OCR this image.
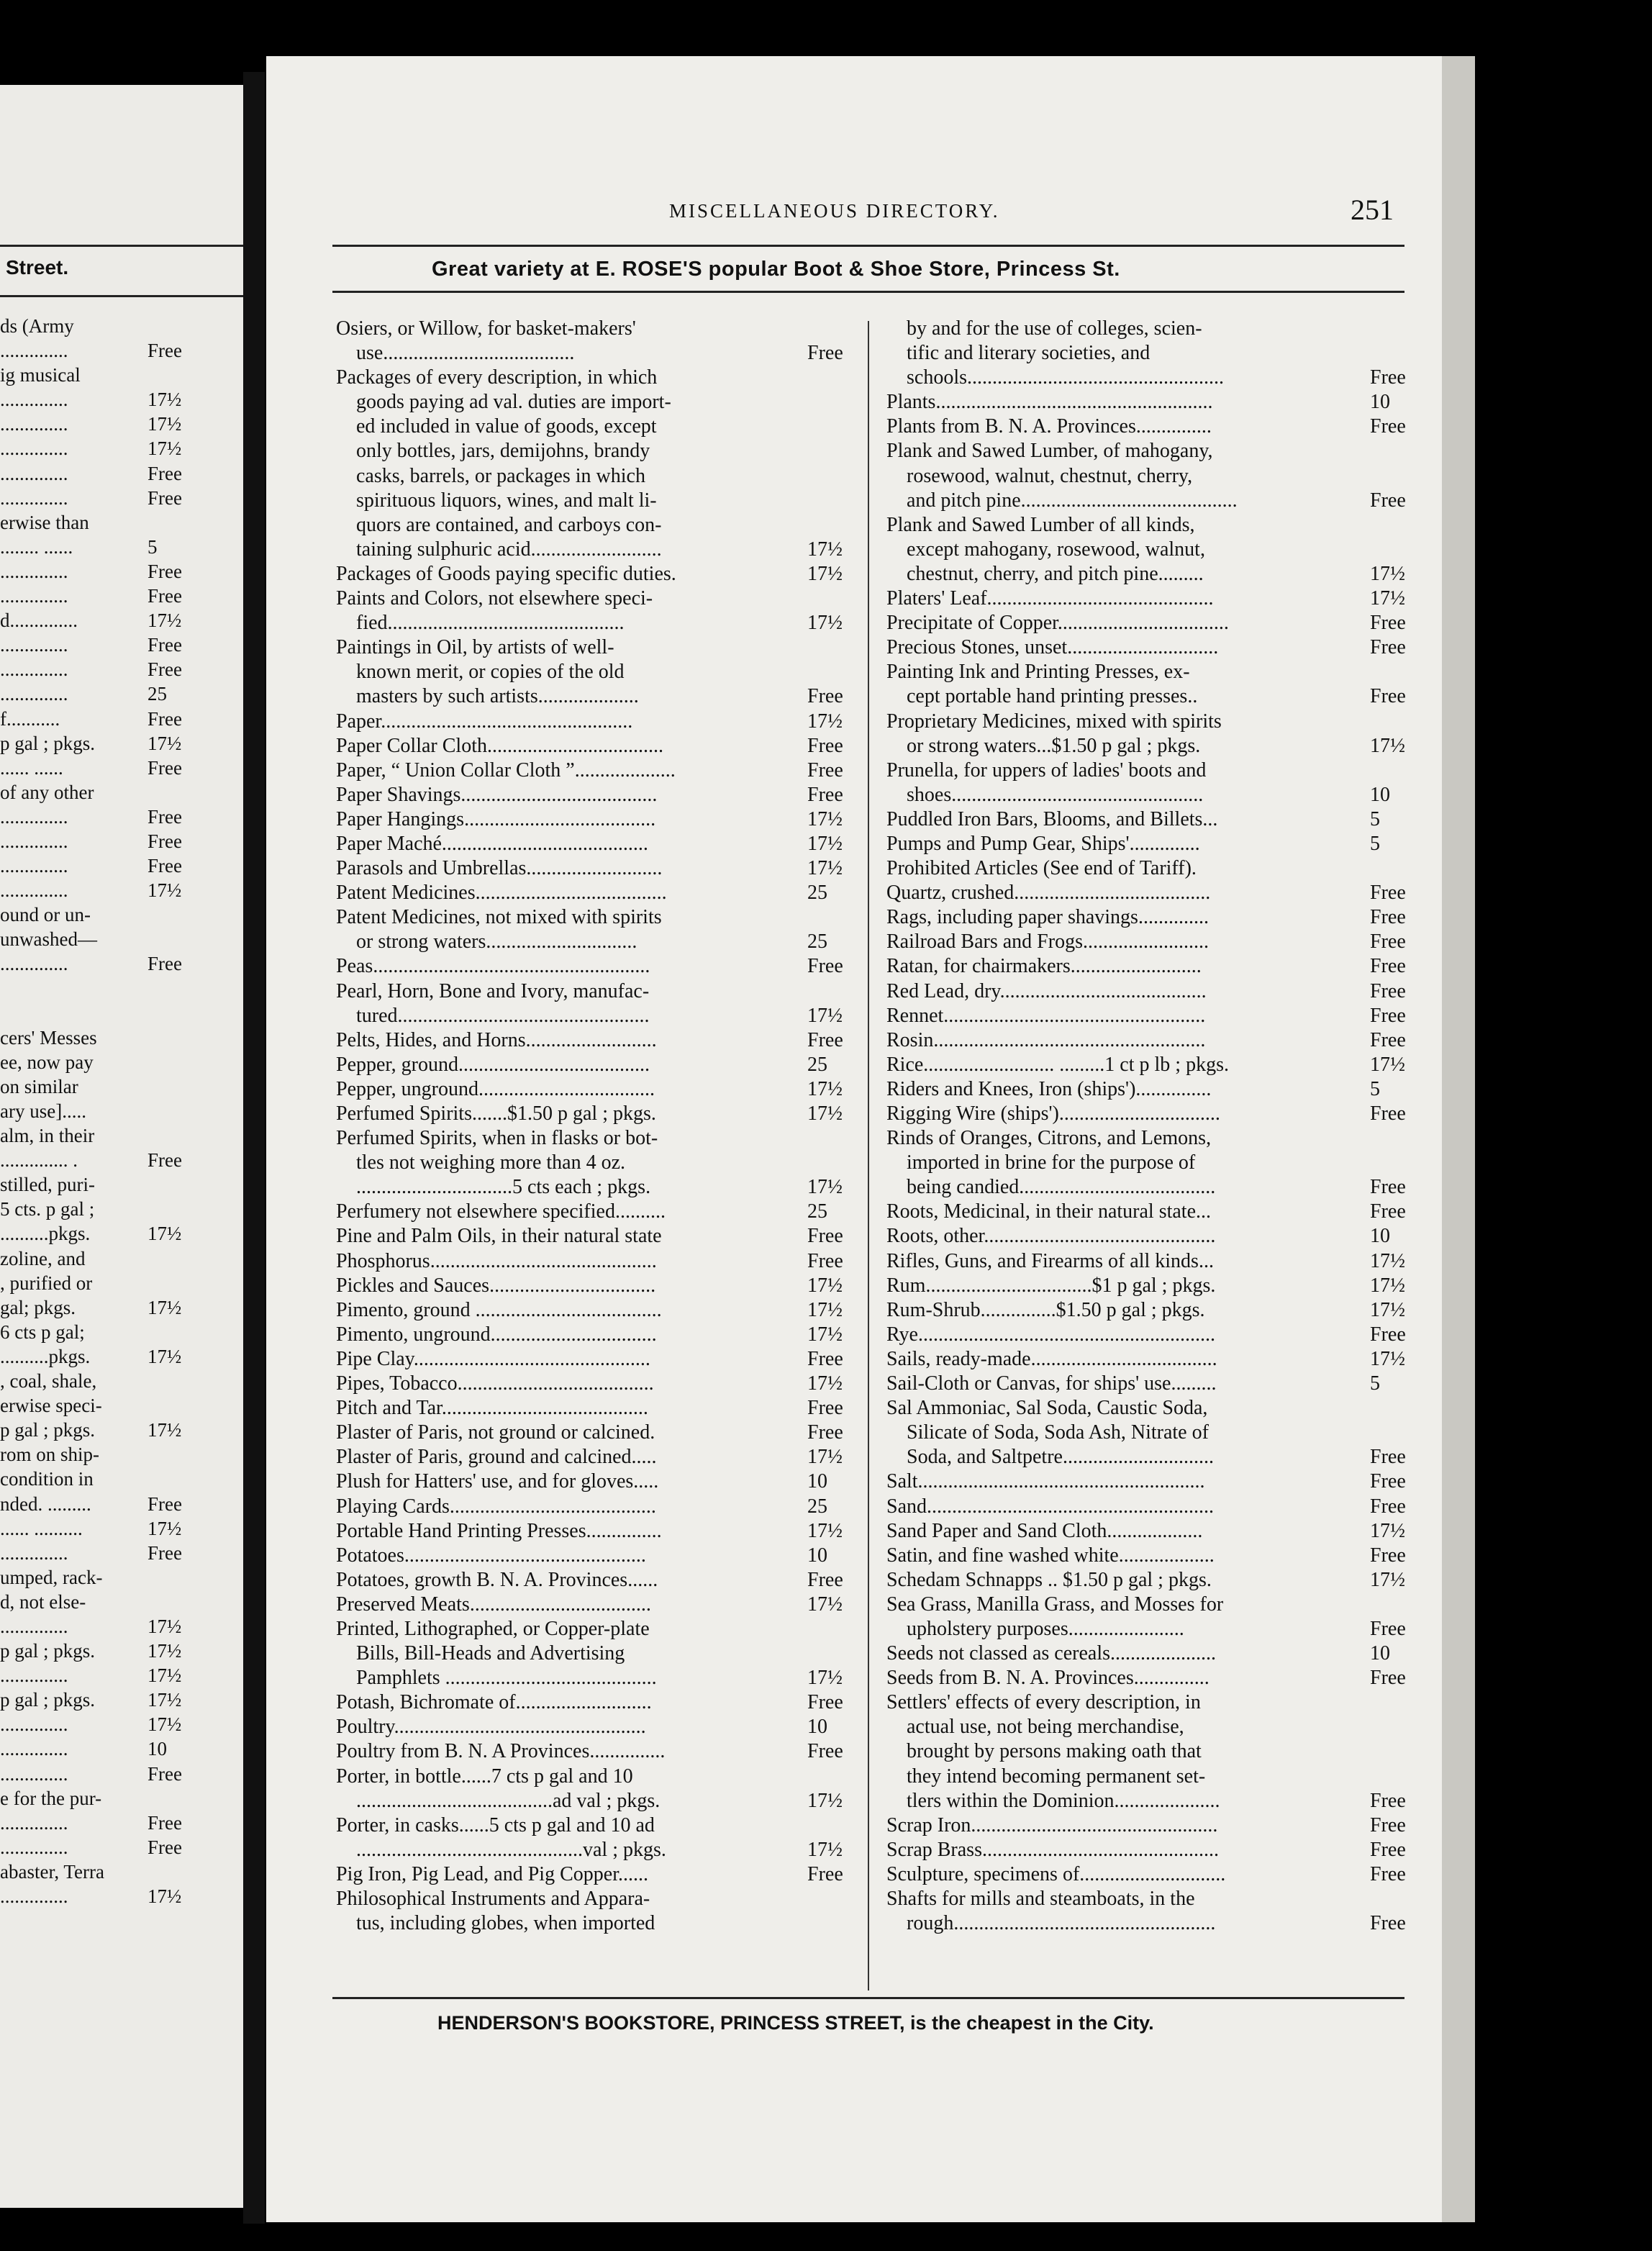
Street.
ds (Army
..............	Free
ig musical
..............	17½
..............	17½
..............	17½
..............	Free
..............	Free
erwise than
........ ......	5
..............	Free
..............	Free
d..............	17½
..............	Free
..............	Free
..............	25
f...........	Free
p gal ; pkgs.	17½
...... ......	Free
of any other
..............	Free
..............	Free
..............	Free
..............	17½
ound or un-
unwashed—
..............	Free
cers' Messes
ee, now pay
on similar
ary use].....
alm, in their
.............. .	Free
stilled, puri-
5 cts. p gal ;
..........pkgs.	17½
zoline, and
, purified or
gal; pkgs.	17½
6 cts p gal;
..........pkgs.	17½
, coal, shale,
erwise speci-
p gal ; pkgs.	17½
rom on ship-
condition in
nded. .........	Free
...... ..........	17½
..............	Free
umped, rack-
d, not else-
..............	17½
p gal ; pkgs.	17½
..............	17½
p gal ; pkgs.	17½
..............	17½
..............	10
..............	Free
e for the pur-
..............	Free
..............	Free
abaster, Terra
..............	17½
MISCELLANEOUS DIRECTORY.	251
Great variety at E. ROSE'S popular Boot & Shoe Store, Princess St.
Osiers, or Willow, for basket-makers'
use......................................	Free
Packages of every description, in which
goods paying ad val. duties are import-
ed included in value of goods, except
only bottles, jars, demijohns, brandy
casks, barrels, or packages in which
spirituous liquors, wines, and malt li-
quors are contained, and carboys con-
taining sulphuric acid..........................	17½
Packages of Goods paying specific duties.	17½
Paints and Colors, not elsewhere speci-
fied...............................................	17½
Paintings in Oil, by artists of well-
known merit, or copies of the old
masters by such artists....................	Free
Paper..................................................	17½
Paper Collar Cloth...................................	Free
Paper, “ Union Collar Cloth ”....................	Free
Paper Shavings.......................................	Free
Paper Hangings......................................	17½
Paper Maché.........................................	17½
Parasols and Umbrellas...........................	17½
Patent Medicines......................................	25
Patent Medicines, not mixed with spirits
or strong waters..............................	25
Peas.......................................................	Free
Pearl, Horn, Bone and Ivory, manufac-
tured..................................................	17½
Pelts, Hides, and Horns..........................	Free
Pepper, ground......................................	25
Pepper, unground...................................	17½
Perfumed Spirits.......$1.50 p gal ; pkgs.	17½
Perfumed Spirits, when in flasks or bot-
tles not weighing more than 4 oz.
...............................5 cts each ; pkgs.	17½
Perfumery not elsewhere specified..........	25
Pine and Palm Oils, in their natural state	Free
Phosphorus.............................................	Free
Pickles and Sauces.................................	17½
Pimento, ground .....................................	17½
Pimento, unground.................................	17½
Pipe Clay...............................................	Free
Pipes, Tobacco.......................................	17½
Pitch and Tar.........................................	Free
Plaster of Paris, not ground or calcined.	Free
Plaster of Paris, ground and calcined.....	17½
Plush for Hatters' use, and for gloves.....	10
Playing Cards.........................................	25
Portable Hand Printing Presses...............	17½
Potatoes................................................	10
Potatoes, growth B. N. A. Provinces......	Free
Preserved Meats....................................	17½
Printed, Lithographed, or Copper-plate
Bills, Bill-Heads and Advertising
Pamphlets ..........................................	17½
Potash, Bichromate of...........................	Free
Poultry..................................................	10
Poultry from B. N. A Provinces...............	Free
Porter, in bottle......7 cts p gal and 10
.......................................ad val ; pkgs.	17½
Porter, in casks......5 cts p gal and 10 ad
.............................................val ; pkgs.	17½
Pig Iron, Pig Lead, and Pig Copper......	Free
Philosophical Instruments and Appara-
tus, including globes, when imported
by and for the use of colleges, scien-
tific and literary societies, and
schools...................................................	Free
Plants.......................................................	10
Plants from B. N. A. Provinces...............	Free
Plank and Sawed Lumber, of mahogany,
rosewood, walnut, chestnut, cherry,
and pitch pine...........................................	Free
Plank and Sawed Lumber of all kinds,
except mahogany, rosewood, walnut,
chestnut, cherry, and pitch pine.........	17½
Platers' Leaf.............................................	17½
Precipitate of Copper..................................	Free
Precious Stones, unset..............................	Free
Painting Ink and Printing Presses, ex-
cept portable hand printing presses..	Free
Proprietary Medicines, mixed with spirits
or strong waters...$1.50 p gal ; pkgs.	17½
Prunella, for uppers of ladies' boots and
shoes..................................................	10
Puddled Iron Bars, Blooms, and Billets...	5
Pumps and Pump Gear, Ships'..............	5
Prohibited Articles (See end of Tariff).
Quartz, crushed.......................................	Free
Rags, including paper shavings..............	Free
Railroad Bars and Frogs.........................	Free
Ratan, for chairmakers..........................	Free
Red Lead, dry.........................................	Free
Rennet....................................................	Free
Rosin......................................................	Free
Rice.......................... .........1 ct p lb ; pkgs.	17½
Riders and Knees, Iron (ships')...............	5
Rigging Wire (ships')................................	Free
Rinds of Oranges, Citrons, and Lemons,
imported in brine for the purpose of
being candied.......................................	Free
Roots, Medicinal, in their natural state...	Free
Roots, other..............................................	10
Rifles, Guns, and Firearms of all kinds...	17½
Rum.................................$1 p gal ; pkgs.	17½
Rum-Shrub...............$1.50 p gal ; pkgs.	17½
Rye...........................................................	Free
Sails, ready-made.....................................	17½
Sail-Cloth or Canvas, for ships' use.........	5
Sal Ammoniac, Sal Soda, Caustic Soda,
Silicate of Soda, Soda Ash, Nitrate of
Soda, and Saltpetre..............................	Free
Salt.........................................................	Free
Sand.........................................................	Free
Sand Paper and Sand Cloth...................	17½
Satin, and fine washed white...................	Free
Schedam Schnapps .. $1.50 p gal ; pkgs.	17½
Sea Grass, Manilla Grass, and Mosses for
upholstery purposes.......................	Free
Seeds not classed as cereals.....................	10
Seeds from B. N. A. Provinces...............	Free
Settlers' effects of every description, in
actual use, not being merchandise,
brought by persons making oath that
they intend becoming permanent set-
tlers within the Dominion.....................	Free
Scrap Iron.................................................	Free
Scrap Brass...............................................	Free
Sculpture, specimens of.............................	Free
Shafts for mills and steamboats, in the
rough....................................................	Free
HENDERSON'S BOOKSTORE, PRINCESS STREET, is the cheapest in the City.
